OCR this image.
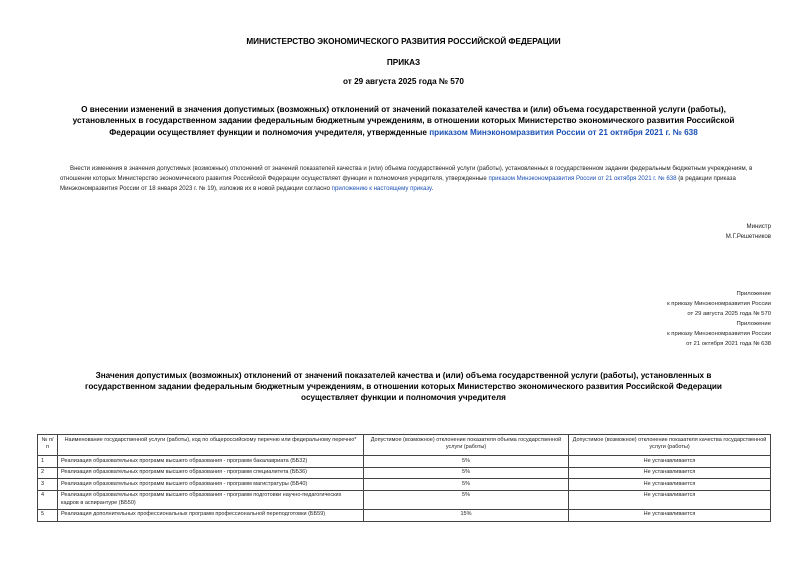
МИНИСТЕРСТВО ЭКОНОМИЧЕСКОГО РАЗВИТИЯ РОССИЙСКОЙ ФЕДЕРАЦИИ
ПРИКАЗ
от 29 августа 2025 года № 570
О внесении изменений в значения допустимых (возможных) отклонений от значений показателей качества и (или) объема государственной услуги (работы),
установленных в государственном задании федеральным бюджетным учреждениям, в отношении которых Министерство экономического развития Российской
Федерации осуществляет функции и полномочия учредителя, утвержденные приказом Минэкономразвития России от 21 октября 2021 г. № 638
Внести изменения в значения допустимых (возможных) отклонений от значений показателей качества и (или) объема государственной услуги (работы), установленных в государственном задании федеральным бюджетным учреждениям, в отношении которых Министерство экономического развития Российской Федерации осуществляет функции и полномочия учредителя, утвержденные приказом Минэкономразвития России от 21 октября 2021 г. № 638 (в редакции приказа Минэкономразвития России от 18 января 2023 г. № 19), изложив их в новой редакции согласно приложению к настоящему приказу.
Министр
М.Г.Решетников
Приложение
к приказу Минэкономразвития России
от 29 августа 2025 года № 570
Приложение
к приказу Минэкономразвития России
от 21 октября 2021 года № 638
Значения допустимых (возможных) отклонений от значений показателей качества и (или) объема государственной услуги (работы), установленных в
государственном задании федеральным бюджетным учреждениям, в отношении которых Министерство экономического развития Российской Федерации
осуществляет функции и полномочия учредителя
№ п/п	Наименование государственной услуги (работы), код по общероссийскому перечню или федеральному перечню*	Допустимое (возможное) отклонение показателя объема государственной услуги (работы)	Допустимое (возможное) отклонение показателя качества государственной услуги (работы)
1	Реализация образовательных программ высшего образования - программ бакалавриата (ББ32)	5%	Не устанавливается
2	Реализация образовательных программ высшего образования - программ специалитета (ББ36)	5%	Не устанавливается
3	Реализация образовательных программ высшего образования - программ магистратуры (ББ40)	5%	Не устанавливается
4	Реализация образовательных программ высшего образования - программ подготовки научно-педагогических кадров в аспирантуре (ББ50)	5%	Не устанавливается
5	Реализация дополнительных профессиональных программ профессиональной переподготовки (ББ59)	15%	Не устанавливается
